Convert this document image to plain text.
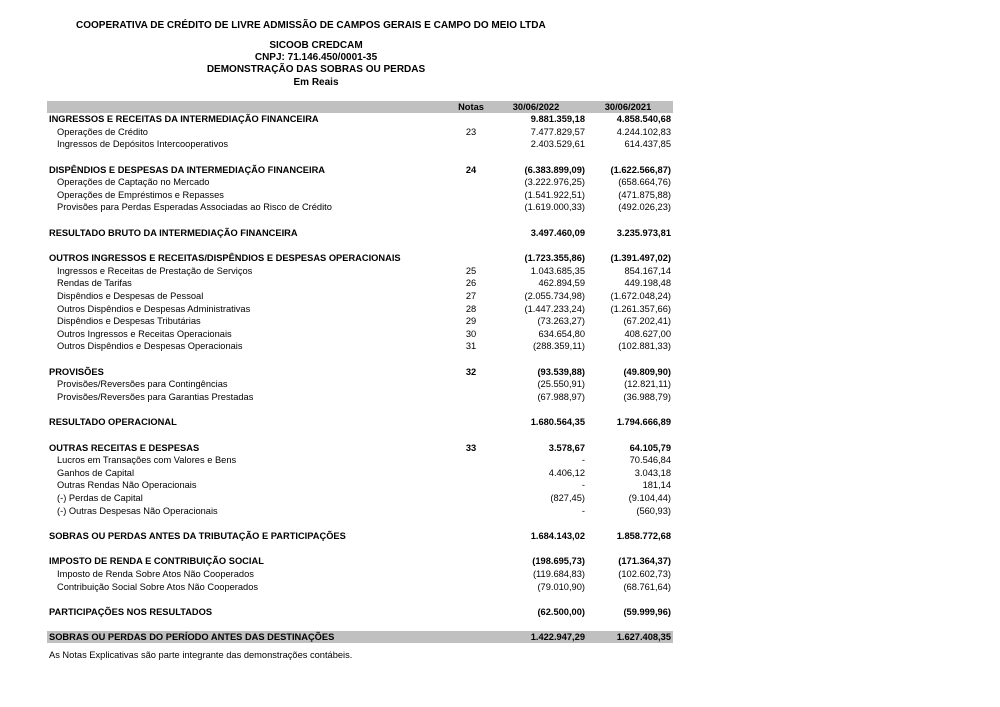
COOPERATIVA DE CRÉDITO DE LIVRE ADMISSÃO DE CAMPOS GERAIS E CAMPO DO MEIO LTDA
SICOOB CREDCAM
CNPJ: 71.146.450/0001-35
DEMONSTRAÇÃO DAS SOBRAS OU PERDAS
Em Reais
Notas	30/06/2022	30/06/2021
INGRESSOS E RECEITAS DA INTERMEDIAÇÃO FINANCEIRA	9.881.359,18	4.858.540,68
Operações de Crédito	23	7.477.829,57	4.244.102,83
Ingressos de Depósitos Intercooperativos	2.403.529,61	614.437,85
DISPÊNDIOS E DESPESAS DA INTERMEDIAÇÃO FINANCEIRA	24	(6.383.899,09)	(1.622.566,87)
Operações de Captação no Mercado	(3.222.976,25)	(658.664,76)
Operações de Empréstimos e Repasses	(1.541.922,51)	(471.875,88)
Provisões para Perdas Esperadas Associadas ao Risco de Crédito	(1.619.000,33)	(492.026,23)
RESULTADO BRUTO DA INTERMEDIAÇÃO FINANCEIRA	3.497.460,09	3.235.973,81
OUTROS INGRESSOS E RECEITAS/DISPÊNDIOS E DESPESAS OPERACIONAIS	(1.723.355,86)	(1.391.497,02)
Ingressos e Receitas de Prestação de Serviços	25	1.043.685,35	854.167,14
Rendas de Tarifas	26	462.894,59	449.198,48
Dispêndios e Despesas de Pessoal	27	(2.055.734,98)	(1.672.048,24)
Outros Dispêndios e Despesas Administrativas	28	(1.447.233,24)	(1.261.357,66)
Dispêndios e Despesas Tributárias	29	(73.263,27)	(67.202,41)
Outros Ingressos e Receitas Operacionais	30	634.654,80	408.627,00
Outros Dispêndios e Despesas Operacionais	31	(288.359,11)	(102.881,33)
PROVISÕES	32	(93.539,88)	(49.809,90)
Provisões/Reversões para Contingências	(25.550,91)	(12.821,11)
Provisões/Reversões para Garantias Prestadas	(67.988,97)	(36.988,79)
RESULTADO OPERACIONAL	1.680.564,35	1.794.666,89
OUTRAS RECEITAS E DESPESAS	33	3.578,67	64.105,79
Lucros em Transações com Valores e Bens	-	70.546,84
Ganhos de Capital	4.406,12	3.043,18
Outras Rendas Não Operacionais	-	181,14
(-) Perdas de Capital	(827,45)	(9.104,44)
(-) Outras Despesas Não Operacionais	-	(560,93)
SOBRAS OU PERDAS ANTES DA TRIBUTAÇÃO E PARTICIPAÇÕES	1.684.143,02	1.858.772,68
IMPOSTO DE RENDA E CONTRIBUIÇÃO SOCIAL	(198.695,73)	(171.364,37)
Imposto de Renda Sobre Atos Não Cooperados	(119.684,83)	(102.602,73)
Contribuição Social Sobre Atos Não Cooperados	(79.010,90)	(68.761,64)
PARTICIPAÇÕES NOS RESULTADOS	(62.500,00)	(59.999,96)
SOBRAS OU PERDAS DO PERÍODO ANTES DAS DESTINAÇÕES	1.422.947,29	1.627.408,35
As Notas Explicativas são parte integrante das demonstrações contábeis.
